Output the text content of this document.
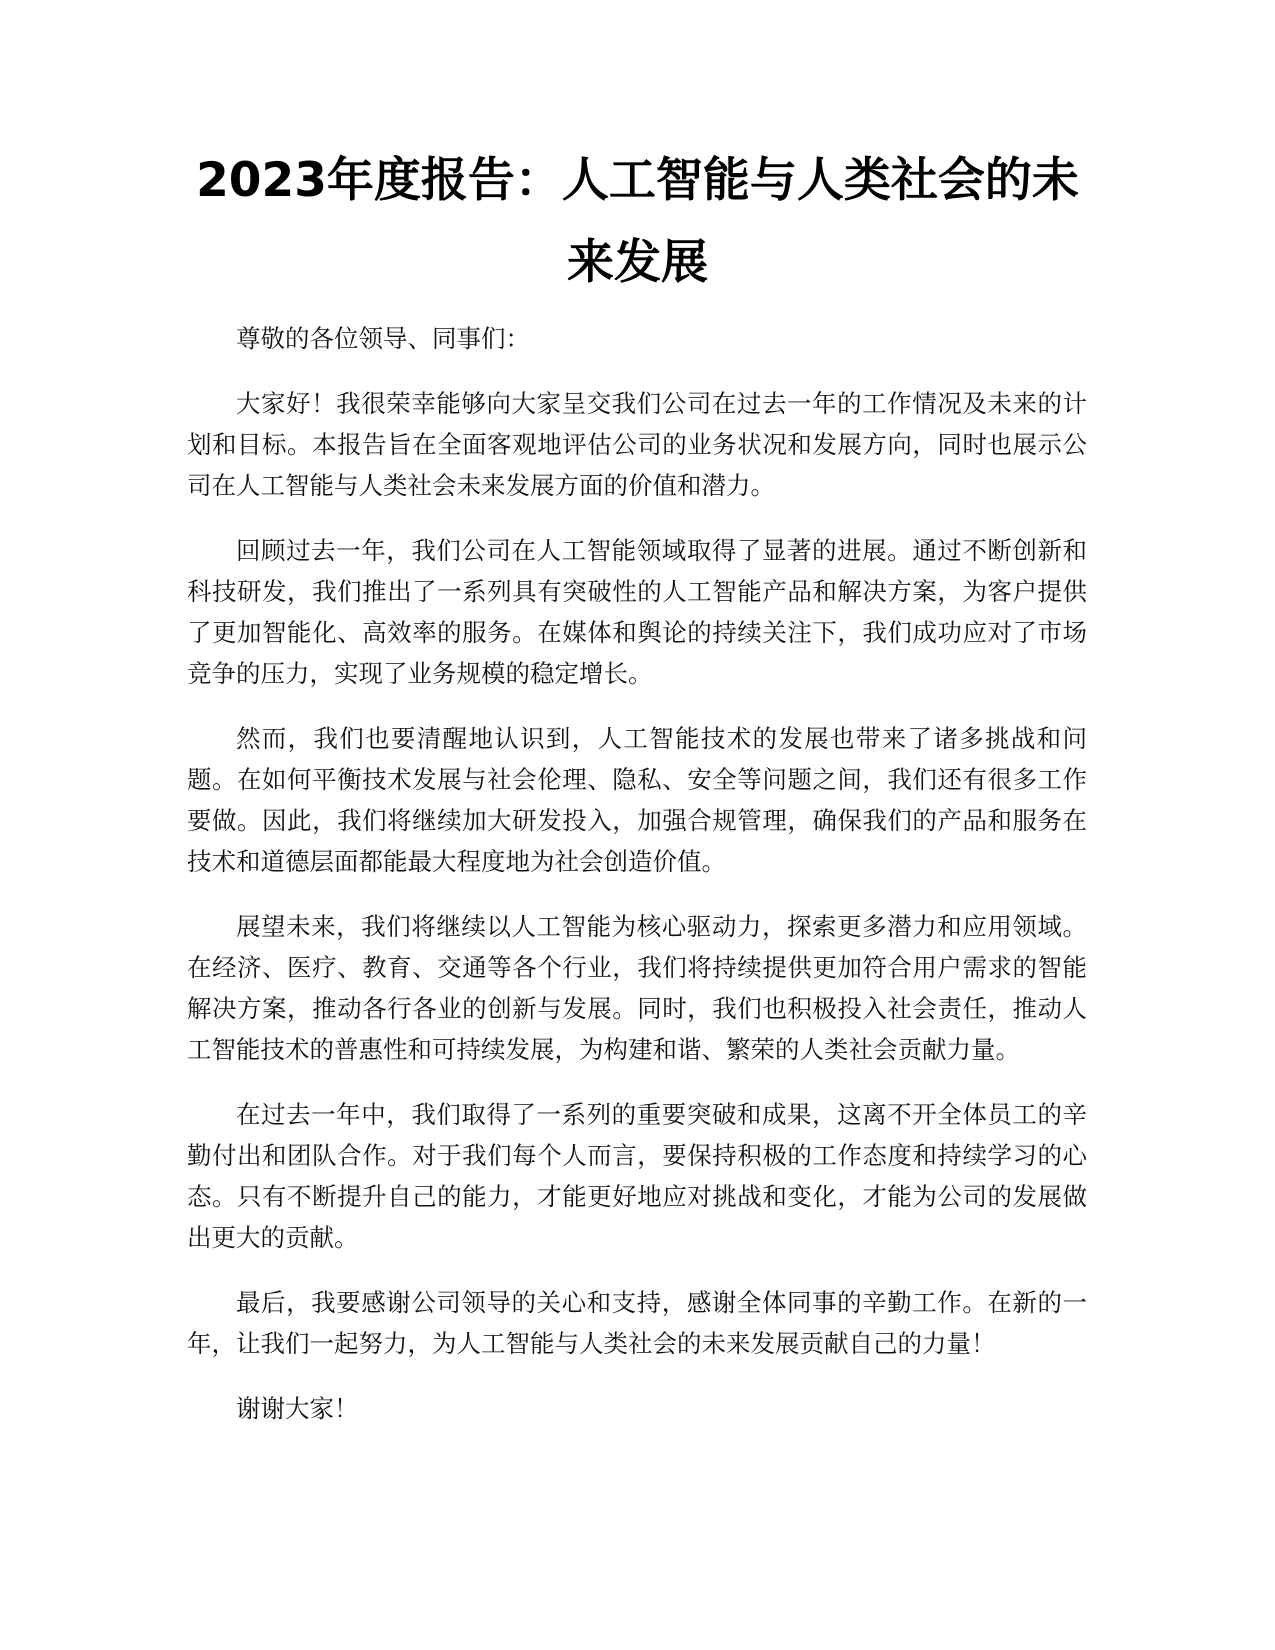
2023年度报告：人工智能与人类社会的未来发展

尊敬的各位领导、同事们：

大家好！我很荣幸能够向大家呈交我们公司在过去一年的工作情况及未来的计划和目标。本报告旨在全面客观地评估公司的业务状况和发展方向，同时也展示公司在人工智能与人类社会未来发展方面的价值和潜力。

回顾过去一年，我们公司在人工智能领域取得了显著的进展。通过不断创新和科技研发，我们推出了一系列具有突破性的人工智能产品和解决方案，为客户提供了更加智能化、高效率的服务。在媒体和舆论的持续关注下，我们成功应对了市场竞争的压力，实现了业务规模的稳定增长。

然而，我们也要清醒地认识到，人工智能技术的发展也带来了诸多挑战和问题。在如何平衡技术发展与社会伦理、隐私、安全等问题之间，我们还有很多工作要做。因此，我们将继续加大研发投入，加强合规管理，确保我们的产品和服务在技术和道德层面都能最大程度地为社会创造价值。

展望未来，我们将继续以人工智能为核心驱动力，探索更多潜力和应用领域。在经济、医疗、教育、交通等各个行业，我们将持续提供更加符合用户需求的智能解决方案，推动各行各业的创新与发展。同时，我们也积极投入社会责任，推动人工智能技术的普惠性和可持续发展，为构建和谐、繁荣的人类社会贡献力量。

在过去一年中，我们取得了一系列的重要突破和成果，这离不开全体员工的辛勤付出和团队合作。对于我们每个人而言，要保持积极的工作态度和持续学习的心态。只有不断提升自己的能力，才能更好地应对挑战和变化，才能为公司的发展做出更大的贡献。

最后，我要感谢公司领导的关心和支持，感谢全体同事的辛勤工作。在新的一年，让我们一起努力，为人工智能与人类社会的未来发展贡献自己的力量！

谢谢大家！
